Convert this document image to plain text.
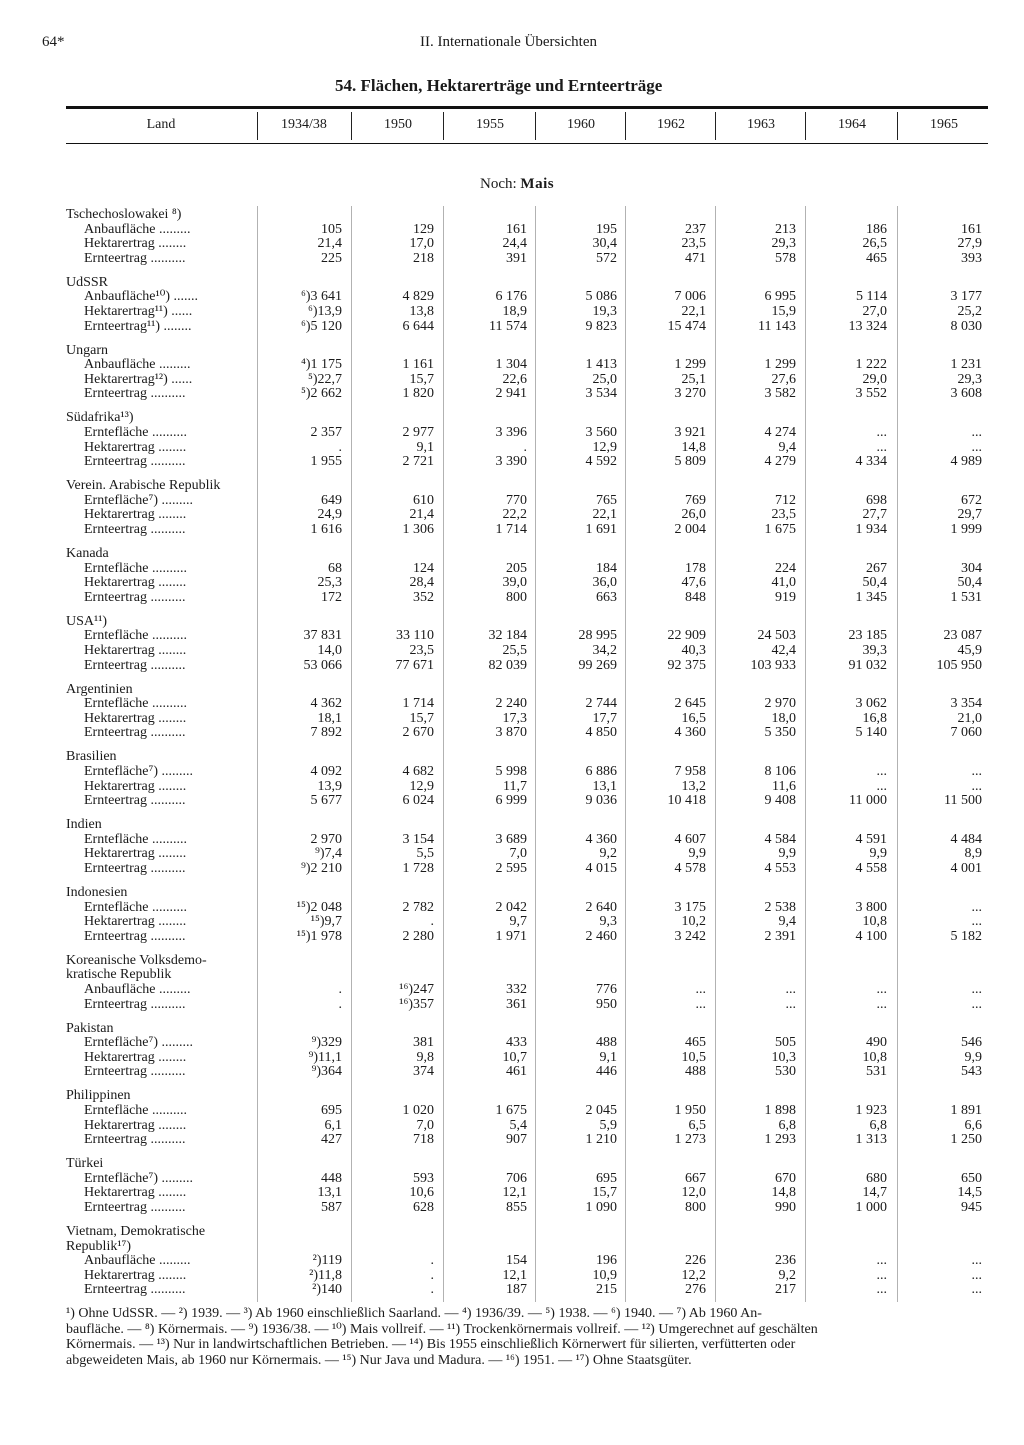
64*	II. Internationale Übersichten
54. Flächen, Hektarerträge und Ernteerträge
Land	1934/38	1950	1955	1960	1962	1963	1964	1965
Noch: Mais
Tschechoslowakei ⁸)
Anbaufläche .........	105	129	161	195	237	213	186	161
Hektarertrag ........	21,4	17,0	24,4	30,4	23,5	29,3	26,5	27,9
Ernteertrag ..........	225	218	391	572	471	578	465	393
UdSSR
Anbaufläche¹⁰) .......	⁶)3 641	4 829	6 176	5 086	7 006	6 995	5 114	3 177
Hektarertrag¹¹) ......	⁶)13,9	13,8	18,9	19,3	22,1	15,9	27,0	25,2
Ernteertrag¹¹) ........	⁶)5 120	6 644	11 574	9 823	15 474	11 143	13 324	8 030
Ungarn
Anbaufläche .........	⁴)1 175	1 161	1 304	1 413	1 299	1 299	1 222	1 231
Hektarertrag¹²) ......	⁵)22,7	15,7	22,6	25,0	25,1	27,6	29,0	29,3
Ernteertrag ..........	⁵)2 662	1 820	2 941	3 534	3 270	3 582	3 552	3 608
Südafrika¹³)
Erntefläche ..........	2 357	2 977	3 396	3 560	3 921	4 274	...	...
Hektarertrag ........	.	9,1	.	12,9	14,8	9,4	...	...
Ernteertrag ..........	1 955	2 721	3 390	4 592	5 809	4 279	4 334	4 989
Verein. Arabische Republik
Erntefläche⁷) .........	649	610	770	765	769	712	698	672
Hektarertrag ........	24,9	21,4	22,2	22,1	26,0	23,5	27,7	29,7
Ernteertrag ..........	1 616	1 306	1 714	1 691	2 004	1 675	1 934	1 999
Kanada
Erntefläche ..........	68	124	205	184	178	224	267	304
Hektarertrag ........	25,3	28,4	39,0	36,0	47,6	41,0	50,4	50,4
Ernteertrag ..........	172	352	800	663	848	919	1 345	1 531
USA¹¹)
Erntefläche ..........	37 831	33 110	32 184	28 995	22 909	24 503	23 185	23 087
Hektarertrag ........	14,0	23,5	25,5	34,2	40,3	42,4	39,3	45,9
Ernteertrag ..........	53 066	77 671	82 039	99 269	92 375	103 933	91 032	105 950
Argentinien
Erntefläche ..........	4 362	1 714	2 240	2 744	2 645	2 970	3 062	3 354
Hektarertrag ........	18,1	15,7	17,3	17,7	16,5	18,0	16,8	21,0
Ernteertrag ..........	7 892	2 670	3 870	4 850	4 360	5 350	5 140	7 060
Brasilien
Erntefläche⁷) .........	4 092	4 682	5 998	6 886	7 958	8 106	...	...
Hektarertrag ........	13,9	12,9	11,7	13,1	13,2	11,6	...	...
Ernteertrag ..........	5 677	6 024	6 999	9 036	10 418	9 408	11 000	11 500
Indien
Erntefläche ..........	2 970	3 154	3 689	4 360	4 607	4 584	4 591	4 484
Hektarertrag ........	⁹)7,4	5,5	7,0	9,2	9,9	9,9	9,9	8,9
Ernteertrag ..........	⁹)2 210	1 728	2 595	4 015	4 578	4 553	4 558	4 001
Indonesien
Erntefläche ..........	¹⁵)2 048	2 782	2 042	2 640	3 175	2 538	3 800	...
Hektarertrag ........	¹⁵)9,7	.	9,7	9,3	10,2	9,4	10,8	...
Ernteertrag ..........	¹⁵)1 978	2 280	1 971	2 460	3 242	2 391	4 100	5 182
Koreanische Volksdemo-
kratische Republik
Anbaufläche .........	.	¹⁶)247	332	776	...	...	...	...
Ernteertrag ..........	.	¹⁶)357	361	950	...	...	...	...
Pakistan
Erntefläche⁷) .........	⁹)329	381	433	488	465	505	490	546
Hektarertrag ........	⁹)11,1	9,8	10,7	9,1	10,5	10,3	10,8	9,9
Ernteertrag ..........	⁹)364	374	461	446	488	530	531	543
Philippinen
Erntefläche ..........	695	1 020	1 675	2 045	1 950	1 898	1 923	1 891
Hektarertrag ........	6,1	7,0	5,4	5,9	6,5	6,8	6,8	6,6
Ernteertrag ..........	427	718	907	1 210	1 273	1 293	1 313	1 250
Türkei
Erntefläche⁷) .........	448	593	706	695	667	670	680	650
Hektarertrag ........	13,1	10,6	12,1	15,7	12,0	14,8	14,7	14,5
Ernteertrag ..........	587	628	855	1 090	800	990	1 000	945
Vietnam, Demokratische
Republik¹⁷)
Anbaufläche .........	²)119	.	154	196	226	236	...	...
Hektarertrag ........	²)11,8	.	12,1	10,9	12,2	9,2	...	...
Ernteertrag ..........	²)140	.	187	215	276	217	...	...
¹) Ohne UdSSR. — ²) 1939. — ³) Ab 1960 einschließlich Saarland. — ⁴) 1936/39. — ⁵) 1938. — ⁶) 1940. — ⁷) Ab 1960 An-
baufläche. — ⁸) Körnermais. — ⁹) 1936/38. — ¹⁰) Mais vollreif. — ¹¹) Trockenkörnermais vollreif. — ¹²) Umgerechnet auf geschälten
Körnermais. — ¹³) Nur in landwirtschaftlichen Betrieben. — ¹⁴) Bis 1955 einschließlich Körnerwert für silierten, verfütterten oder
abgeweideten Mais, ab 1960 nur Körnermais. — ¹⁵) Nur Java und Madura. — ¹⁶) 1951. — ¹⁷) Ohne Staatsgüter.
